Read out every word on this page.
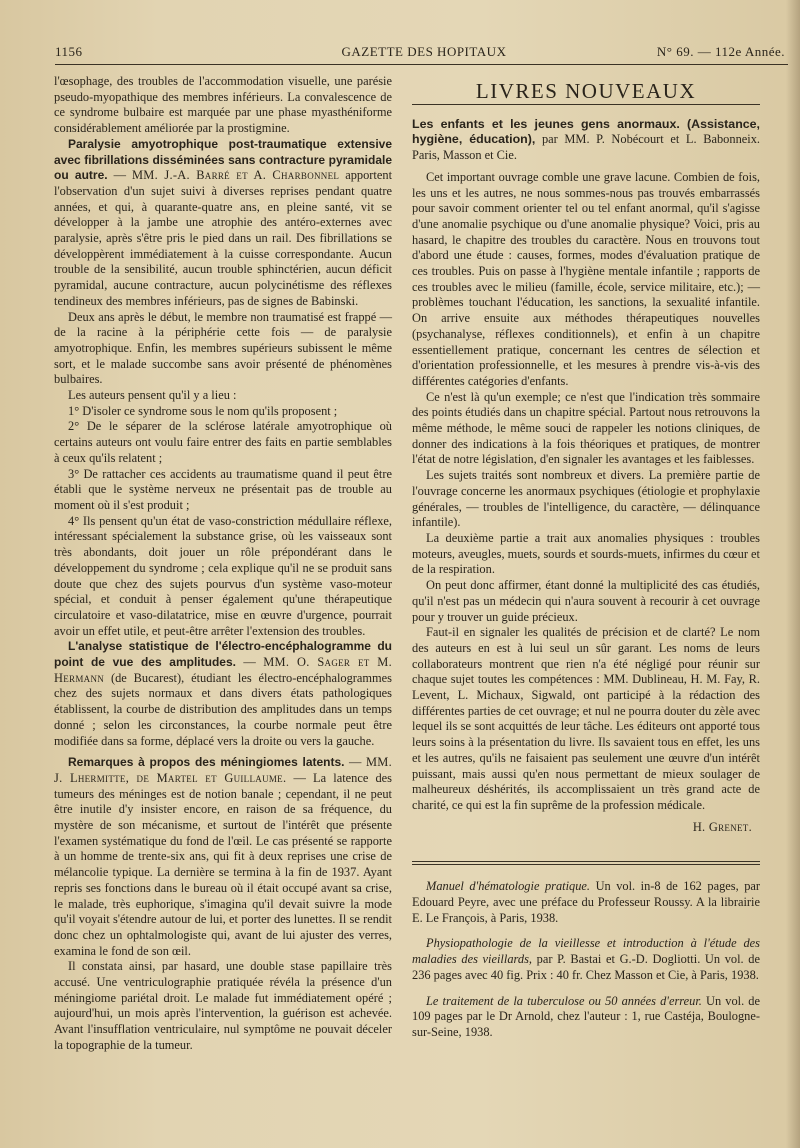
1156	GAZETTE DES HOPITAUX	N° 69. — 112e Année.

l'œsophage, des troubles de l'accommodation visuelle, une parésie pseudo-myopathique des membres inférieurs. La convalescence de ce syndrome bulbaire est marquée par une phase myasthéniforme considérablement améliorée par la prostigmine.

Paralysie amyotrophique post-traumatique extensive avec fibrillations disséminées sans contracture pyramidale ou autre. — MM. J.-A. Barré et A. Charbonnel apportent l'observation d'un sujet suivi à diverses reprises pendant quatre années, et qui, à quarante-quatre ans, en pleine santé, vit se développer à la jambe une atrophie des antéro-externes avec paralysie, après s'être pris le pied dans un rail. Des fibrillations se développèrent immédiatement à la cuisse correspondante. Aucun trouble de la sensibilité, aucun trouble sphinctérien, aucun déficit pyramidal, aucune contracture, aucun polycinétisme des réflexes tendineux des membres inférieurs, pas de signes de Babinski.

Deux ans après le début, le membre non traumatisé est frappé — de la racine à la périphérie cette fois — de paralysie amyotrophique. Enfin, les membres supérieurs subissent le même sort, et le malade succombe sans avoir présenté de phénomènes bulbaires.

Les auteurs pensent qu'il y a lieu :

1° D'isoler ce syndrome sous le nom qu'ils proposent ;

2° De le séparer de la sclérose latérale amyotrophique où certains auteurs ont voulu faire entrer des faits en partie semblables à ceux qu'ils relatent ;

3° De rattacher ces accidents au traumatisme quand il peut être établi que le système nerveux ne présentait pas de trouble au moment où il s'est produit ;

4° Ils pensent qu'un état de vaso-constriction médullaire réflexe, intéressant spécialement la substance grise, où les vaisseaux sont très abondants, doit jouer un rôle prépondérant dans le développement du syndrome ; cela explique qu'il ne se produit sans doute que chez des sujets pourvus d'un système vaso-moteur spécial, et conduit à penser également qu'une thérapeutique circulatoire et vaso-dilatatrice, mise en œuvre d'urgence, pourrait avoir un effet utile, et peut-être arrêter l'extension des troubles.

L'analyse statistique de l'électro-encéphalogramme du point de vue des amplitudes. — MM. O. Sager et M. Hermann (de Bucarest), étudiant les électro-encéphalogrammes chez des sujets normaux et dans divers états pathologiques établissent, la courbe de distribution des amplitudes dans un temps donné ; selon les circonstances, la courbe normale peut être modifiée dans sa forme, déplacé vers la droite ou vers la gauche.

Remarques à propos des méningiomes latents. — MM. J. Lhermitte, de Martel et Guillaume. — La latence des tumeurs des méninges est de notion banale ; cependant, il ne peut être inutile d'y insister encore, en raison de sa fréquence, du mystère de son mécanisme, et surtout de l'intérêt que présente l'examen systématique du fond de l'œil. Le cas présenté se rapporte à un homme de trente-six ans, qui fit à deux reprises une crise de mélancolie typique. La dernière se termina à la fin de 1937. Ayant repris ses fonctions dans le bureau où il était occupé avant sa crise, le malade, très euphorique, s'imagina qu'il devait suivre la mode qu'il voyait s'étendre autour de lui, et porter des lunettes. Il se rendit donc chez un ophtalmologiste qui, avant de lui ajuster des verres, examina le fond de son œil.

Il constata ainsi, par hasard, une double stase papillaire très accusé. Une ventriculographie pratiquée révéla la présence d'un méningiome pariétal droit. Le malade fut immédiatement opéré ; aujourd'hui, un mois après l'intervention, la guérison est achevée. Avant l'insufflation ventriculaire, nul symptôme ne pouvait déceler la topographie de la tumeur.

LIVRES NOUVEAUX

Les enfants et les jeunes gens anormaux. (Assistance, hygiène, éducation), par MM. P. Nobécourt et L. Babonneix. Paris, Masson et Cie.

Cet important ouvrage comble une grave lacune. Combien de fois, les uns et les autres, ne nous sommes-nous pas trouvés embarrassés pour savoir comment orienter tel ou tel enfant anormal, qu'il s'agisse d'une anomalie psychique ou d'une anomalie physique? Voici, pris au hasard, le chapitre des troubles du caractère. Nous en trouvons tout d'abord une étude : causes, formes, modes d'évaluation pratique de ces troubles. Puis on passe à l'hygiène mentale infantile ; rapports de ces troubles avec le milieu (famille, école, service militaire, etc.); — problèmes touchant l'éducation, les sanctions, la sexualité infantile. On arrive ensuite aux méthodes thérapeutiques nouvelles (psychanalyse, réflexes conditionnels), et enfin à un chapitre essentiellement pratique, concernant les centres de sélection et d'orientation professionnelle, et les mesures à prendre vis-à-vis des différentes catégories d'enfants.

Ce n'est là qu'un exemple; ce n'est que l'indication très sommaire des points étudiés dans un chapitre spécial. Partout nous retrouvons la même méthode, le même souci de rappeler les notions cliniques, de donner des indications à la fois théoriques et pratiques, de montrer l'état de notre législation, d'en signaler les avantages et les faiblesses.

Les sujets traités sont nombreux et divers. La première partie de l'ouvrage concerne les anormaux psychiques (étiologie et prophylaxie générales, — troubles de l'intelligence, du caractère, — délinquance infantile).

La deuxième partie a trait aux anomalies physiques : troubles moteurs, aveugles, muets, sourds et sourds-muets, infirmes du cœur et de la respiration.

On peut donc affirmer, étant donné la multiplicité des cas étudiés, qu'il n'est pas un médecin qui n'aura souvent à recourir à cet ouvrage pour y trouver un guide précieux.

Faut-il en signaler les qualités de précision et de clarté? Le nom des auteurs en est à lui seul un sûr garant. Les noms de leurs collaborateurs montrent que rien n'a été négligé pour réunir sur chaque sujet toutes les compétences : MM. Dublineau, H. M. Fay, R. Levent, L. Michaux, Sigwald, ont participé à la rédaction des différentes parties de cet ouvrage; et nul ne pourra douter du zèle avec lequel ils se sont acquittés de leur tâche. Les éditeurs ont apporté tous leurs soins à la présentation du livre. Ils savaient tous en effet, les uns et les autres, qu'ils ne faisaient pas seulement une œuvre d'un intérêt puissant, mais aussi qu'en nous permettant de mieux soulager de malheureux déshérités, ils accomplissaient un très grand acte de charité, ce qui est la fin suprême de la profession médicale.

H. Grenet.

Manuel d'hématologie pratique. Un vol. in-8 de 162 pages, par Edouard Peyre, avec une préface du Professeur Roussy. A la librairie E. Le François, à Paris, 1938.

Physiopathologie de la vieillesse et introduction à l'étude des maladies des vieillards, par P. Bastai et G.-D. Dogliotti. Un vol. de 236 pages avec 40 fig. Prix : 40 fr. Chez Masson et Cie, à Paris, 1938.

Le traitement de la tuberculose ou 50 années d'erreur. Un vol. de 109 pages par le Dr Arnold, chez l'auteur : 1, rue Castéja, Boulogne-sur-Seine, 1938.
